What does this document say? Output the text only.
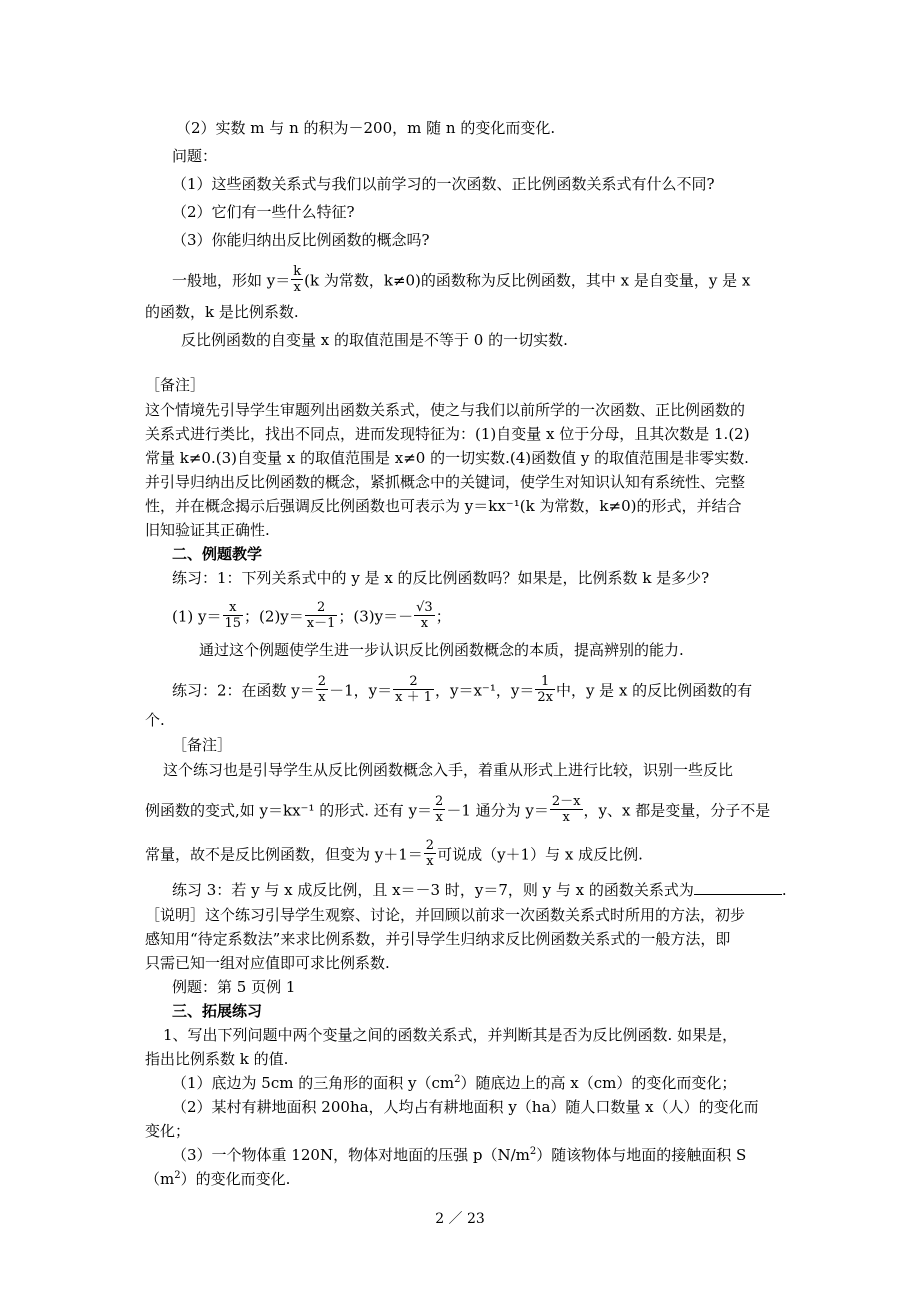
（2）实数 m 与 n 的积为－200，m 随 n 的变化而变化.
问题：
（1）这些函数关系式与我们以前学习的一次函数、正比例函数关系式有什么不同?
（2）它们有一些什么特征?
（3）你能归纳出反比例函数的概念吗?
一般地，形如 $y= \frac{k}{x} (k$ 为常数，k≠0)的函数称为反比例函数，其中 x 是自变量，y 是 x
的函数，k 是比例系数.
反比例函数的自变量 x 的取值范围是不等于 0 的一切实数.
［备注］
这个情境先引导学生审题列出函数关系式，使之与我们以前所学的一次函数、正比例函数的
关系式进行类比，找出不同点，进而发现特征为：(1)自变量 x 位于分母，且其次数是 1.(2)
常量 k≠0.(3)自变量 x 的取值范围是 x≠0 的一切实数.(4)函数值 y 的取值范围是非零实数.
并引导归纳出反比例函数的概念，紧抓概念中的关键词，使学生对知识认知有系统性、完整
性，并在概念揭示后强调反比例函数也可表示为 y＝kx⁻¹(k 为常数，k≠0)的形式，并结合
旧知验证其正确性.
二、例题教学
练习：1：下列关系式中的 y 是 x 的反比例函数吗？如果是，比例系数 k 是多少?
(1) $y= \frac{x}{15}$ ；$(2)y= \frac{2}{x-1}$ ；$(3)y=- \frac{√3}{x}$ ；
通过这个例题使学生进一步认识反比例函数概念的本质，提高辨别的能力.
练习：2：在函数 $y= \frac{2}{x} -1$，$y= \frac{2}{x + 1}$ ，y＝x⁻¹，$y= \frac{1}{2x}$ 中，y 是 x 的反比例函数的有
个.
［备注］
这个练习也是引导学生从反比例函数概念入手，着重从形式上进行比较，识别一些反比
例函数的变式,如 y＝kx⁻¹ 的形式. 还有 $y= \frac{2}{x} -1$ 通分为 $y= \frac{2-x}{x}$ ，y、x 都是变量，分子不是
常量，故不是反比例函数，但变为 $y+1= \frac{2}{x}$ 可说成（y＋1）与 x 成反比例.
练习 3：若 y 与 x 成反比例，且 x＝－3 时，y＝7，则 y 与 x 的函数关系式为	.
［说明］这个练习引导学生观察、讨论，并回顾以前求一次函数关系式时所用的方法，初步
感知用“待定系数法”来求比例系数，并引导学生归纳求反比例函数关系式的一般方法，即
只需已知一组对应值即可求比例系数.
例题：第 5 页例 1
三、拓展练习
1、写出下列问题中两个变量之间的函数关系式，并判断其是否为反比例函数. 如果是，
指出比例系数 k 的值.
（1）底边为 5cm 的三角形的面积 $y(cm^2)$随底边上的高 x（cm）的变化而变化；
（2）某村有耕地面积 200ha，人均占有耕地面积 y（ha）随人口数量 x（人）的变化而
变化；
（3）一个物体重 120N，物体对地面的压强 $p(N/m^2)$随该物体与地面的接触面积 S
$(m^2)$的变化而变化.
2 ／ 23
